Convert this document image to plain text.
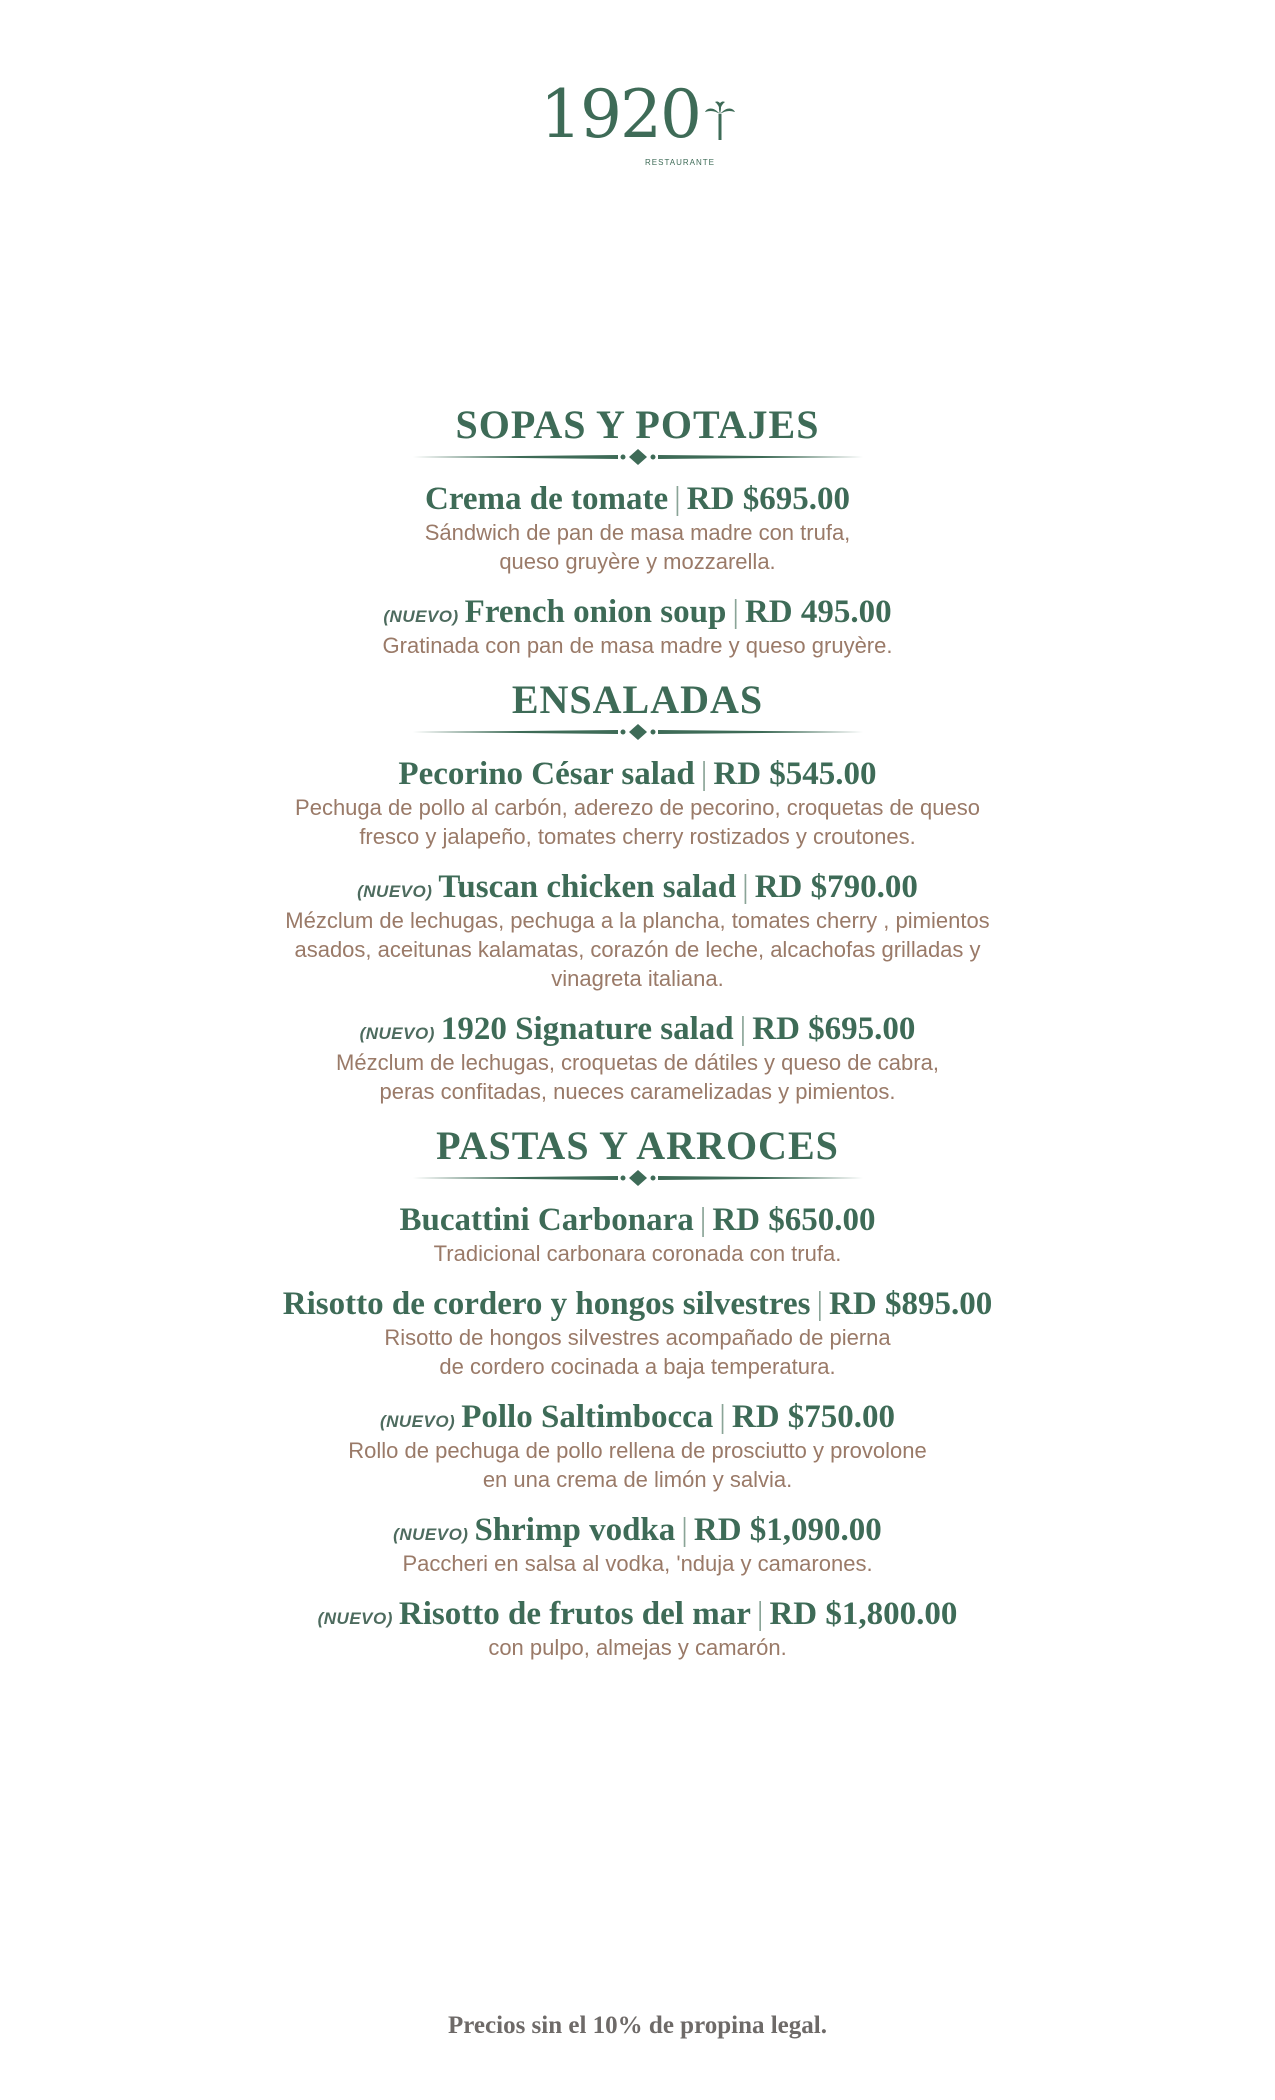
1920
RESTAURANTE
SOPAS Y POTAJES
Crema de tomate | RD $695.00
Sándwich de pan de masa madre con trufa,
queso gruyère y mozzarella.
(NUEVO) French onion soup | RD 495.00
Gratinada con pan de masa madre y queso gruyère.
ENSALADAS
Pecorino César salad | RD $545.00
Pechuga de pollo al carbón, aderezo de pecorino, croquetas de queso
fresco y jalapeño, tomates cherry rostizados y croutones.
(NUEVO) Tuscan chicken salad | RD $790.00
Mézclum de lechugas, pechuga a la plancha, tomates cherry , pimientos
asados, aceitunas kalamatas, corazón de leche, alcachofas grilladas y
vinagreta italiana.
(NUEVO) 1920 Signature salad | RD $695.00
Mézclum de lechugas, croquetas de dátiles y queso de cabra,
peras confitadas, nueces caramelizadas y pimientos.
PASTAS Y ARROCES
Bucattini Carbonara | RD $650.00
Tradicional carbonara coronada con trufa.
Risotto de cordero y hongos silvestres | RD $895.00
Risotto de hongos silvestres acompañado de pierna
de cordero cocinada a baja temperatura.
(NUEVO) Pollo Saltimbocca | RD $750.00
Rollo de pechuga de pollo rellena de prosciutto y provolone
en una crema de limón y salvia.
(NUEVO) Shrimp vodka | RD $1,090.00
Paccheri en salsa al vodka, 'nduja y camarones.
(NUEVO) Risotto de frutos del mar | RD $1,800.00
con pulpo, almejas y camarón.
Precios sin el 10% de propina legal.
